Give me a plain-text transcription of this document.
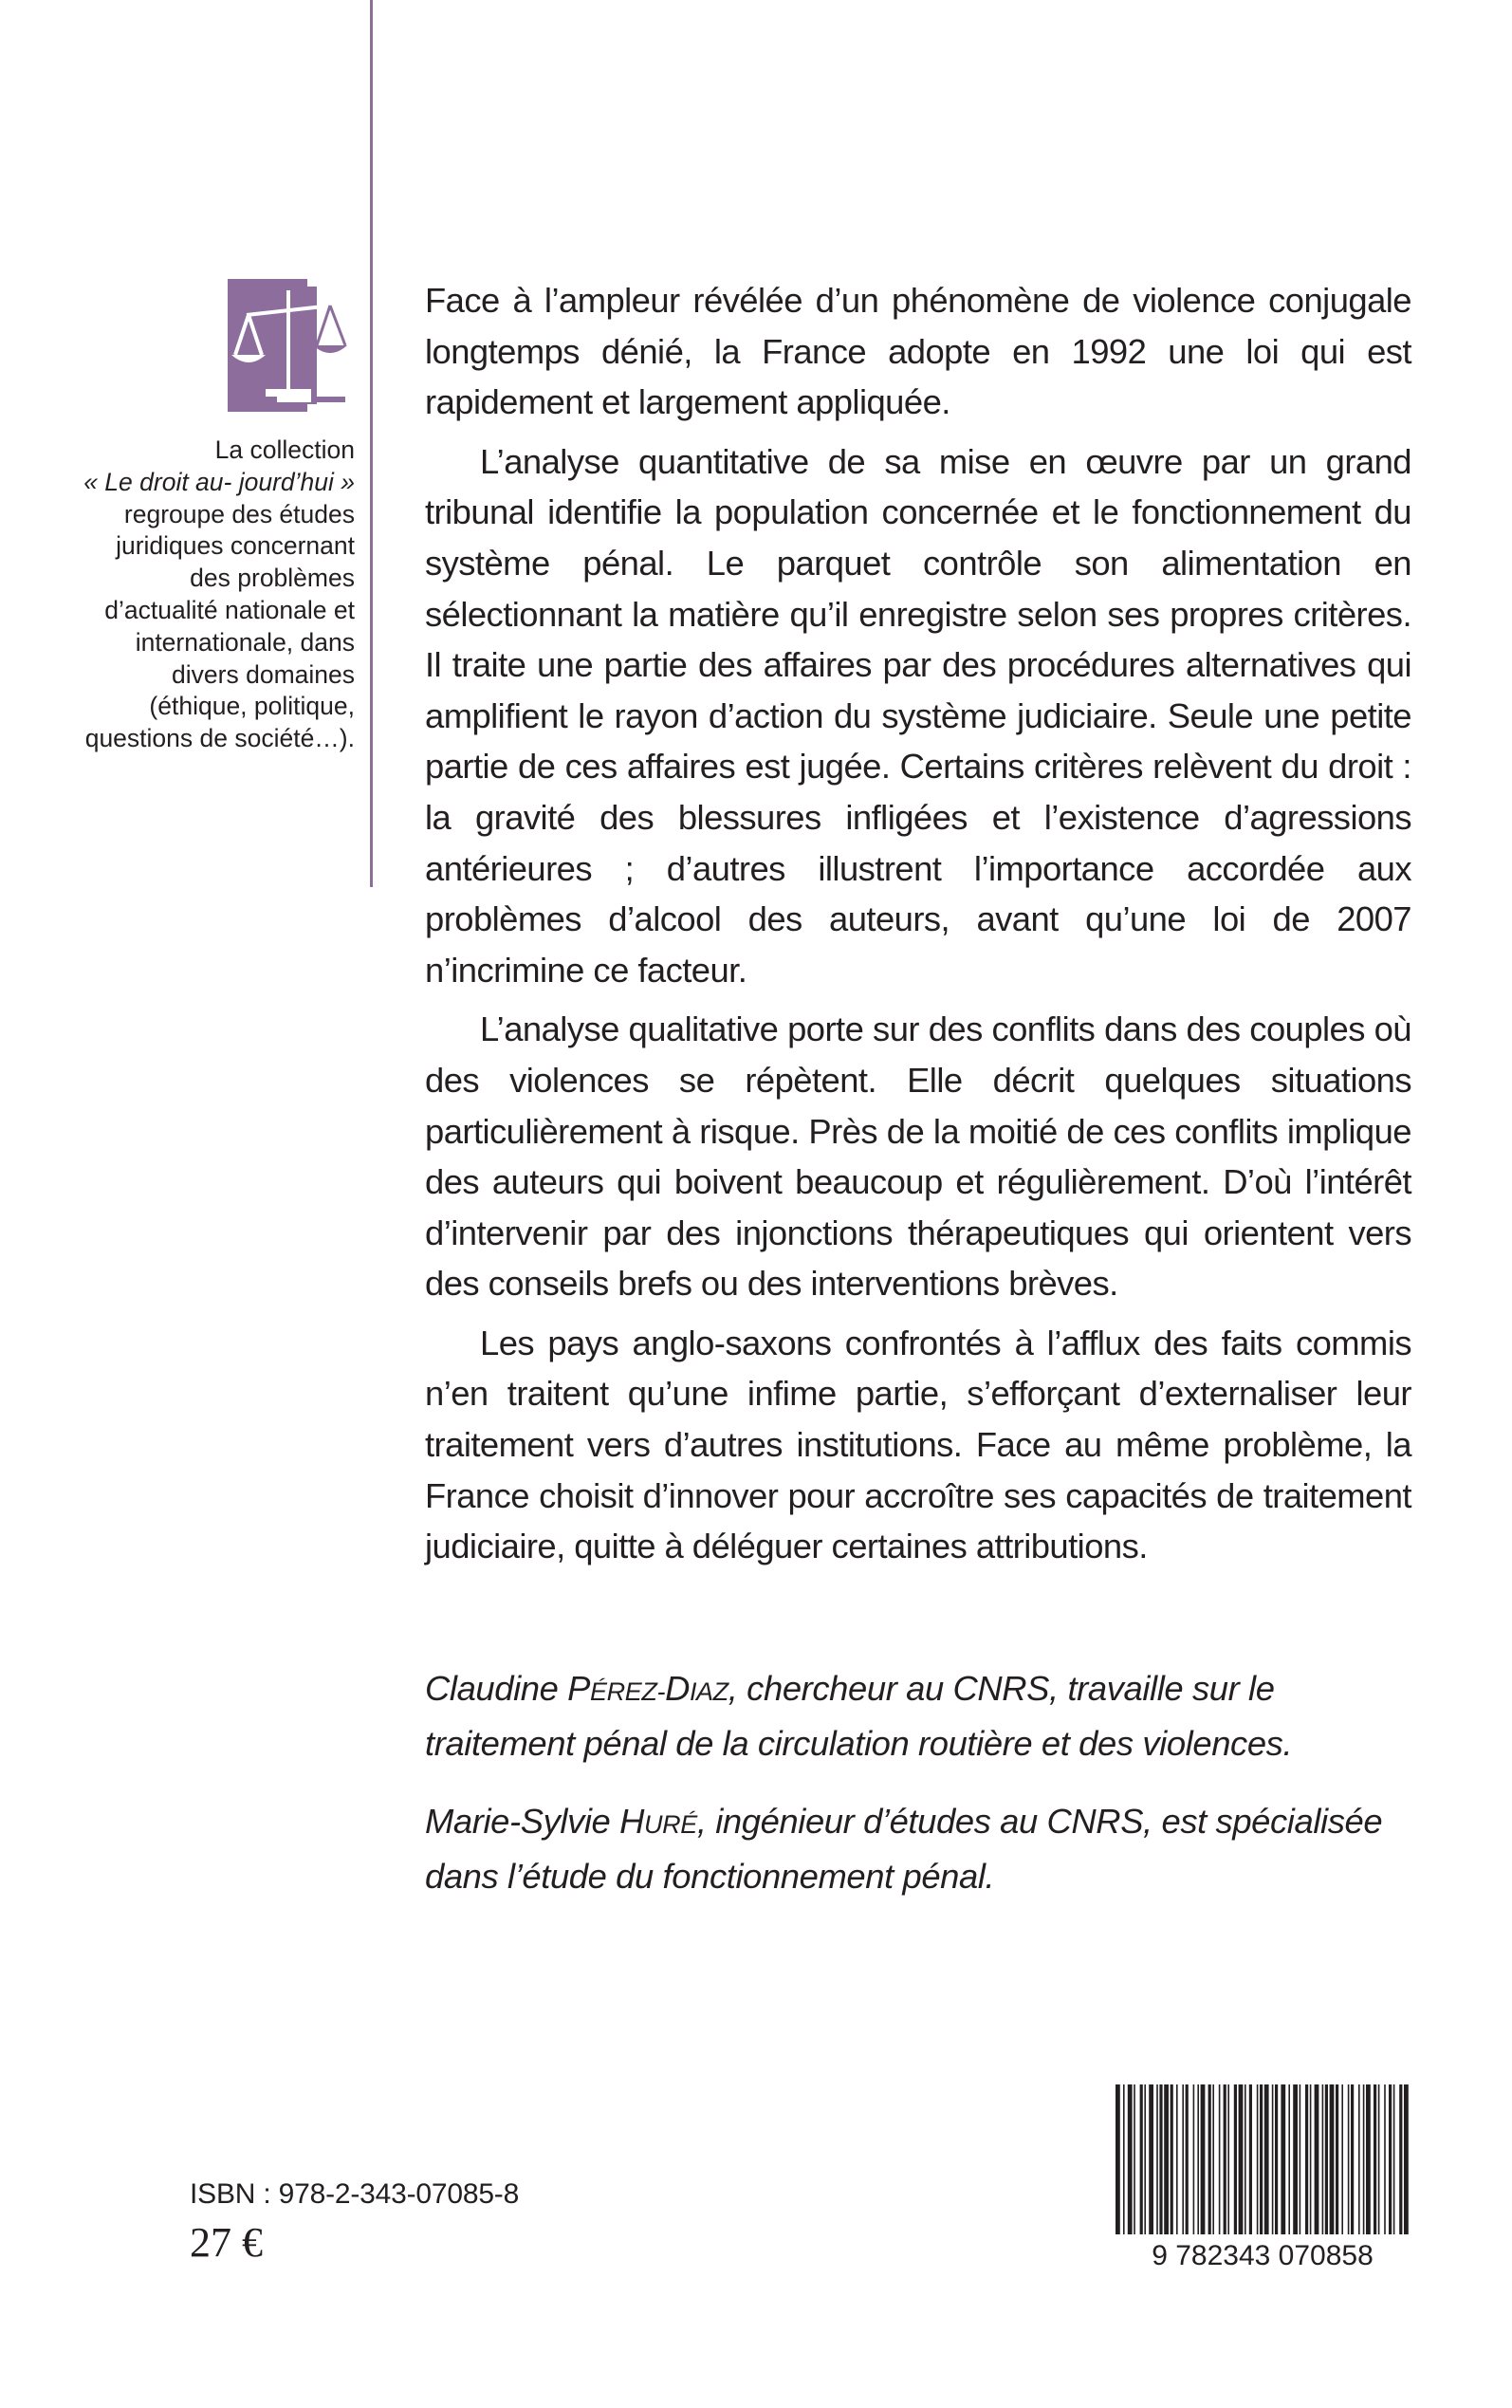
La collection
« Le droit au- jourd’hui » regroupe des études juridiques concernant des problèmes d’actualité nationale et internationale, dans divers domaines (éthique, politique, questions de société…).

Face à l’ampleur révélée d’un phénomène de violence conjugale longtemps dénié, la France adopte en 1992 une loi qui est rapidement et largement appliquée.

L’analyse quantitative de sa mise en œuvre par un grand tribunal identifie la population concernée et le fonctionnement du système pénal. Le parquet contrôle son alimentation en sélectionnant la matière qu’il enregistre selon ses propres critères. Il traite une partie des affaires par des procédures alternatives qui amplifient le rayon d’action du système judiciaire. Seule une petite partie de ces affaires est jugée. Certains critères relèvent du droit : la gravité des blessures infligées et l’existence d’agressions antérieures ; d’autres illustrent l’importance accordée aux problèmes d’alcool des auteurs, avant qu’une loi de 2007 n’incrimine ce facteur.

L’analyse qualitative porte sur des conflits dans des couples où des violences se répètent. Elle décrit quelques situations particulièrement à risque. Près de la moitié de ces conflits implique des auteurs qui boivent beaucoup et régulièrement. D’où l’intérêt d’intervenir par des injonctions thérapeutiques qui orientent vers des conseils brefs ou des interventions brèves.

Les pays anglo-saxons confrontés à l’afflux des faits commis n’en traitent qu’une infime partie, s’efforçant d’externaliser leur traitement vers d’autres institutions. Face au même problème, la France choisit d’innover pour accroître ses capacités de traitement judiciaire, quitte à déléguer certaines attributions.

Claudine PÉREZ-DIAZ, chercheur au CNRS, travaille sur le traitement pénal de la circulation routière et des violences.

Marie-Sylvie HURÉ, ingénieur d’études au CNRS, est spécialisée dans l’étude du fonctionnement pénal.

ISBN : 978-2-343-07085-8
27 €	9 782343 070858
